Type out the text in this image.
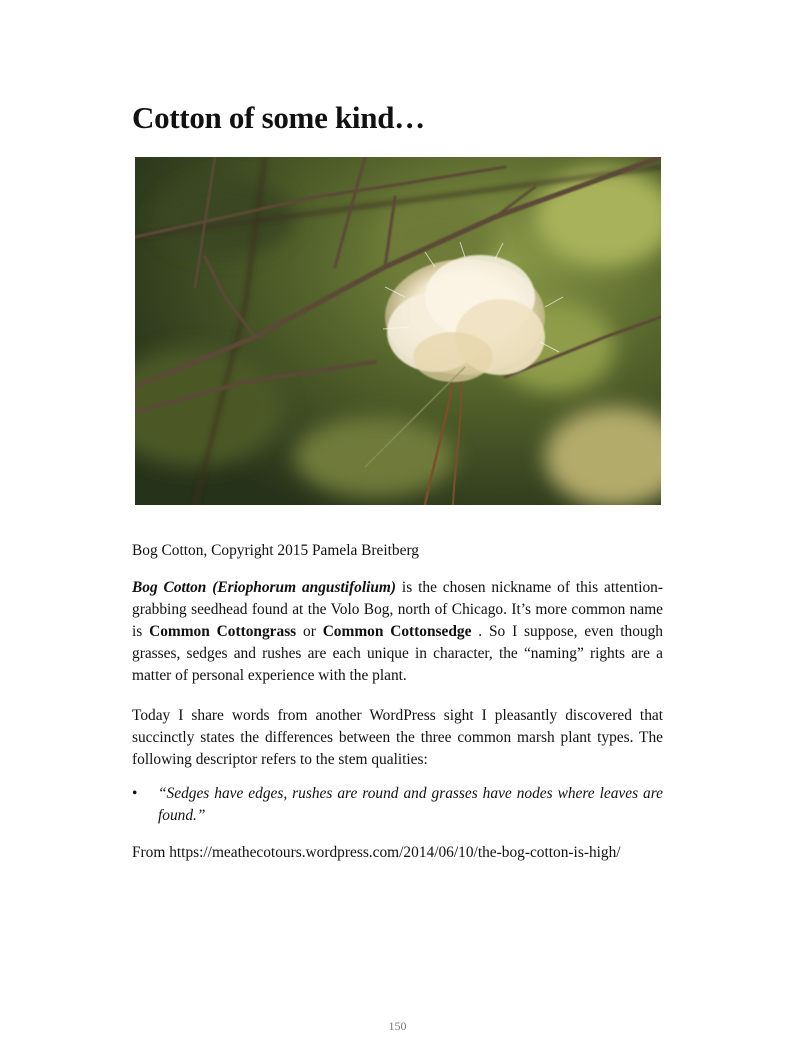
Cotton of some kind…

Bog Cotton, Copyright 2015 Pamela Breitberg

Bog Cotton (Eriophorum angustifolium) is the chosen nickname of this attention-grabbing seedhead found at the Volo Bog, north of Chicago. It’s more common name is Common Cottongrass or Common Cottonsedge . So I suppose, even though grasses, sedges and rushes are each unique in character, the “naming” rights are a matter of personal experience with the plant.

Today I share words from another WordPress sight I pleasantly discovered that succinctly states the differences between the three common marsh plant types. The following descriptor refers to the stem qualities:

• “Sedges have edges, rushes are round and grasses have nodes where leaves are found.”

From https://meathecotours.wordpress.com/2014/06/10/the-bog-cotton-is-high/

150
